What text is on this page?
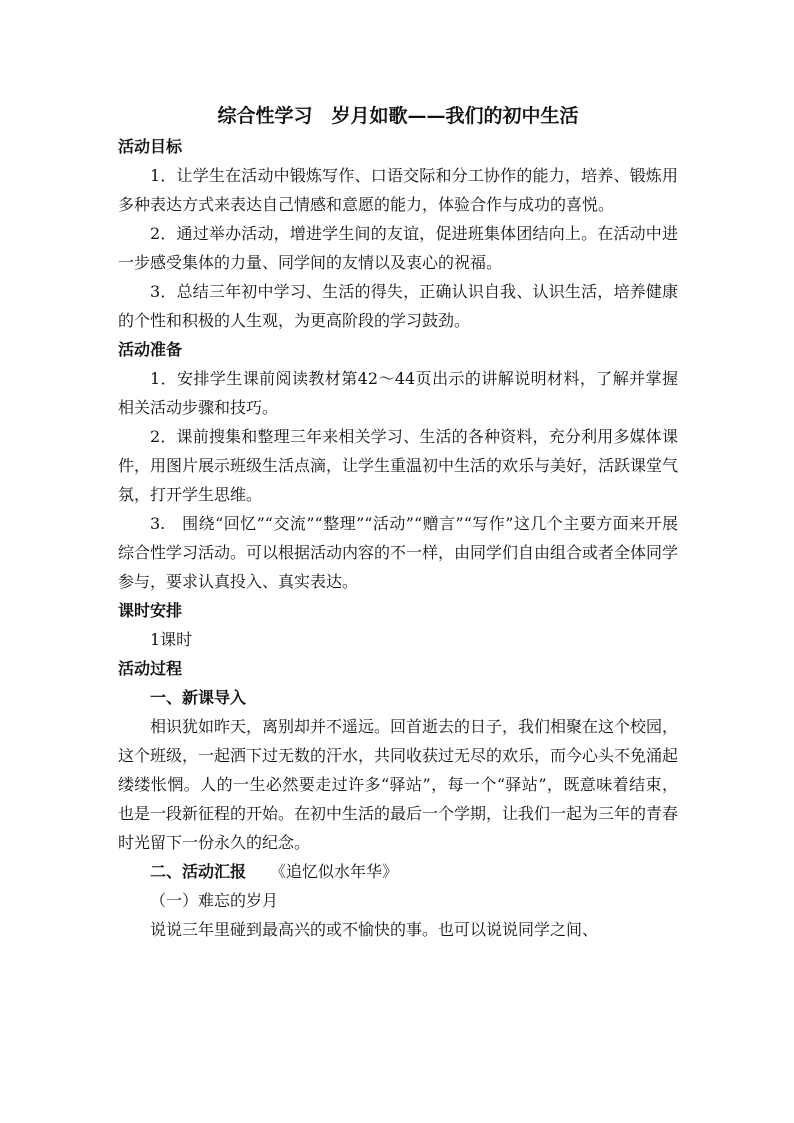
综合性学习　岁月如歌——我们的初中生活
活动目标

1．让学生在活动中锻炼写作、口语交际和分工协作的能力，培养、锻炼用多种表达方式来表达自己情感和意愿的能力，体验合作与成功的喜悦。

2．通过举办活动，增进学生间的友谊，促进班集体团结向上。在活动中进一步感受集体的力量、同学间的友情以及衷心的祝福。

3．总结三年初中学习、生活的得失，正确认识自我、认识生活，培养健康的个性和积极的人生观，为更高阶段的学习鼓劲。

活动准备

1．安排学生课前阅读教材第42～44页出示的讲解说明材料，了解并掌握相关活动步骤和技巧。

2．课前搜集和整理三年来相关学习、生活的各种资料，充分利用多媒体课件，用图片展示班级生活点滴，让学生重温初中生活的欢乐与美好，活跃课堂气氛，打开学生思维。

3.　围绕“回忆”“交流”“整理”“活动”“赠言”“写作”这几个主要方面来开展综合性学习活动。可以根据活动内容的不一样，由同学们自由组合或者全体同学参与，要求认真投入、真实表达。

课时安排

1课时

活动过程

一、新课导入

相识犹如昨天，离别却并不遥远。回首逝去的日子，我们相聚在这个校园，这个班级，一起洒下过无数的汗水，共同收获过无尽的欢乐，而今心头不免涌起缕缕怅惘。人的一生必然要走过许多“驿站”，每一个“驿站”，既意味着结束，也是一段新征程的开始。在初中生活的最后一个学期，让我们一起为三年的青春时光留下一份永久的纪念。

二、活动汇报　　 《追忆似水年华》

（一）难忘的岁月

说说三年里碰到最高兴的或不愉快的事。也可以说说同学之间、
